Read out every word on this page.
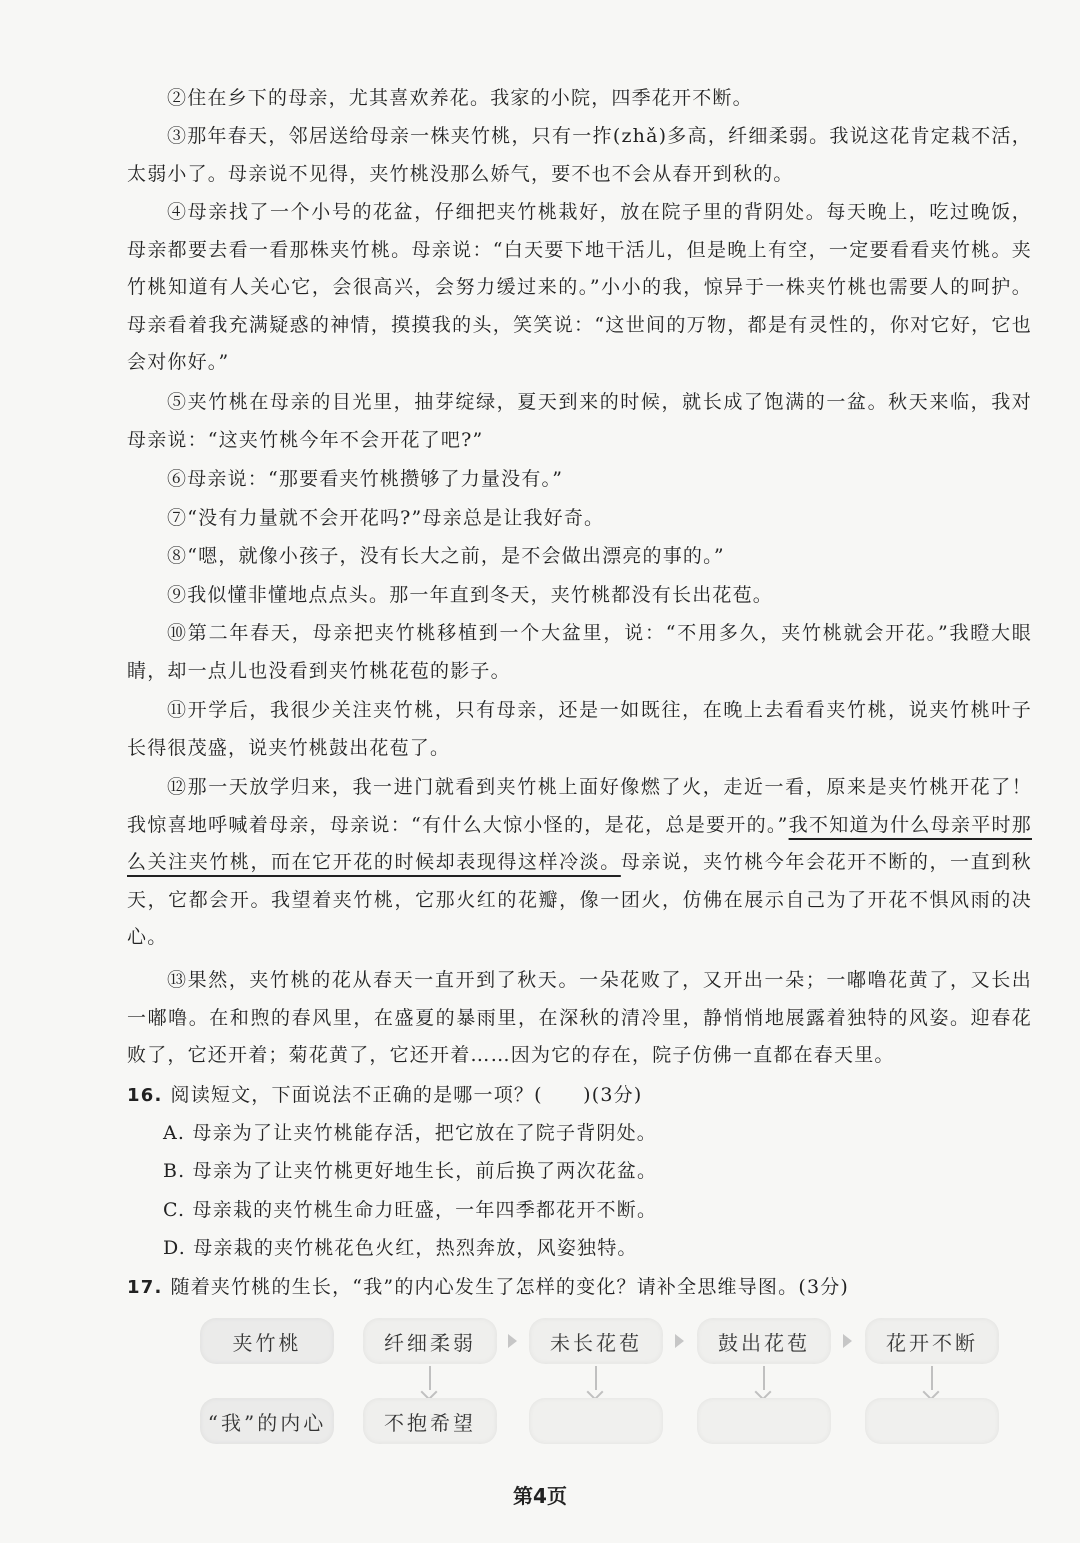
②住在乡下的母亲，尤其喜欢养花。我家的小院，四季花开不断。
③那年春天，邻居送给母亲一株夹竹桃，只有一拃(zhǎ)多高，纤细柔弱。我说这花肯定栽不活，太弱小了。母亲说不见得，夹竹桃没那么娇气，要不也不会从春开到秋的。
④母亲找了一个小号的花盆，仔细把夹竹桃栽好，放在院子里的背阴处。每天晚上，吃过晚饭，母亲都要去看一看那株夹竹桃。母亲说：“白天要下地干活儿，但是晚上有空，一定要看看夹竹桃。夹竹桃知道有人关心它，会很高兴，会努力缓过来的。”小小的我，惊异于一株夹竹桃也需要人的呵护。母亲看着我充满疑惑的神情，摸摸我的头，笑笑说：“这世间的万物，都是有灵性的，你对它好，它也会对你好。”
⑤夹竹桃在母亲的目光里，抽芽绽绿，夏天到来的时候，就长成了饱满的一盆。秋天来临，我对母亲说：“这夹竹桃今年不会开花了吧?”
⑥母亲说：“那要看夹竹桃攒够了力量没有。”
⑦“没有力量就不会开花吗?”母亲总是让我好奇。
⑧“嗯，就像小孩子，没有长大之前，是不会做出漂亮的事的。”
⑨我似懂非懂地点点头。那一年直到冬天，夹竹桃都没有长出花苞。
⑩第二年春天，母亲把夹竹桃移植到一个大盆里，说：“不用多久，夹竹桃就会开花。”我瞪大眼睛，却一点儿也没看到夹竹桃花苞的影子。
⑪开学后，我很少关注夹竹桃，只有母亲，还是一如既往，在晚上去看看夹竹桃，说夹竹桃叶子长得很茂盛，说夹竹桃鼓出花苞了。
⑫那一天放学归来，我一进门就看到夹竹桃上面好像燃了火，走近一看，原来是夹竹桃开花了！我惊喜地呼喊着母亲，母亲说：“有什么大惊小怪的，是花，总是要开的。”我不知道为什么母亲平时那么关注夹竹桃，而在它开花的时候却表现得这样冷淡。母亲说，夹竹桃今年会花开不断的，一直到秋天，它都会开。我望着夹竹桃，它那火红的花瓣，像一团火，仿佛在展示自己为了开花不惧风雨的决心。
⑬果然，夹竹桃的花从春天一直开到了秋天。一朵花败了，又开出一朵；一嘟噜花黄了，又长出一嘟噜。在和煦的春风里，在盛夏的暴雨里，在深秋的清冷里，静悄悄地展露着独特的风姿。迎春花败了，它还开着；菊花黄了，它还开着……因为它的存在，院子仿佛一直都在春天里。
16. 阅读短文，下面说法不正确的是哪一项？(　　)(3分)
A. 母亲为了让夹竹桃能存活，把它放在了院子背阴处。
B. 母亲为了让夹竹桃更好地生长，前后换了两次花盆。
C. 母亲栽的夹竹桃生命力旺盛，一年四季都花开不断。
D. 母亲栽的夹竹桃花色火红，热烈奔放，风姿独特。
17. 随着夹竹桃的生长，“我”的内心发生了怎样的变化？请补全思维导图。(3分)
夹竹桃	纤细柔弱	未长花苞	鼓出花苞	花开不断
“我”的内心	不抱希望
第4页
